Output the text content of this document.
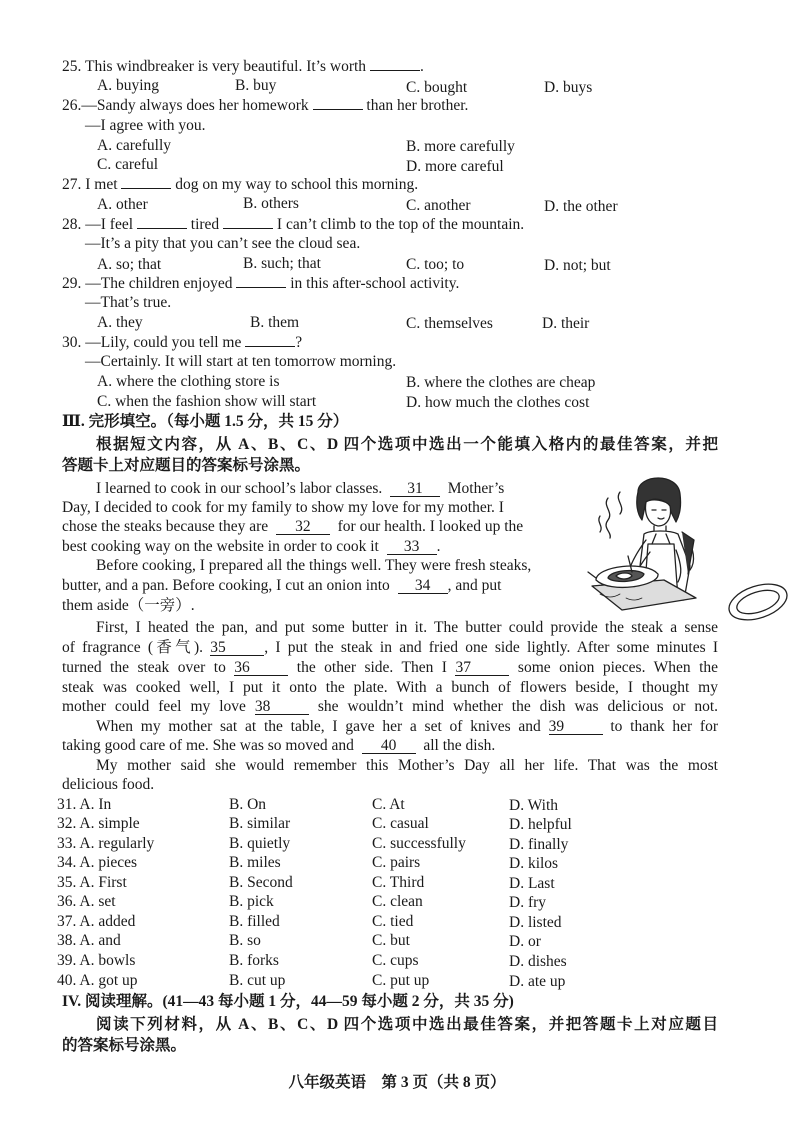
25. This windbreaker is very beautiful. It’s worth	.
A. buying	B. buy	C. bought	D. buys
26.—Sandy always does her homework	than her brother.
—I agree with you.
A. carefully	B. more carefully
C. careful	D. more careful
27. I met	dog on my way to school this morning.
A. other	B. others	C. another	D. the other
28. —I feel	tired	I can’t climb to the top of the mountain.
—It’s a pity that you can’t see the cloud sea.
A. so; that	B. such; that	C. too; to	D. not; but
29. —The children enjoyed	in this after-school activity.
—That’s true.
A. they	B. them	C. themselves	D. their
30. —Lily, could you tell me	?
—Certainly. It will start at ten tomorrow morning.
A. where the clothing store is	B. where the clothes are cheap
C. when the fashion show will start	D. how much the clothes cost
Ⅲ. 完形填空。（每小题 1.5 分，共 15 分）
根据短文内容，从 A、B、C、D 四个选项中选出一个能填入格内的最佳答案，并把
答题卡上对应题目的答案标号涂黑。
I learned to cook in our school’s labor classes. 31 Mother’s
Day, I decided to cook for my family to show my love for my mother. I
chose the steaks because they are 32 for our health. I looked up the
best cooking way on the website in order to cook it 33 .
Before cooking, I prepared all the things well. They were fresh steaks,
butter, and a pan. Before cooking, I cut an onion into 34 , and put
them aside（一旁）.
First, I heated the pan, and put some butter in it. The butter could provide the steak a sense
of fragrance (香气). 35 , I put the steak in and fried one side lightly. After some minutes I
turned the steak over to 36	the other side. Then I 37	some onion pieces. When the
steak was cooked well, I put it onto the plate. With a bunch of flowers beside, I thought my
mother could feel my love 38	she wouldn’t mind whether the dish was delicious or not.
When my mother sat at the table, I gave her a set of knives and 39	to thank her for
taking good care of me. She was so moved and 40 all the dish.
My mother said she would remember this Mother’s Day all her life. That was the most
delicious food.
31. A. In	B. On	C. At	D. With
32. A. simple	B. similar	C. casual	D. helpful
33. A. regularly	B. quietly	C. successfully	D. finally
34. A. pieces	B. miles	C. pairs	D. kilos
35. A. First	B. Second	C. Third	D. Last
36. A. set	B. pick	C. clean	D. fry
37. A. added	B. filled	C. tied	D. listed
38. A. and	B. so	C. but	D. or
39. A. bowls	B. forks	C. cups	D. dishes
40. A. got up	B. cut up	C. put up	D. ate up
IV. 阅读理解。(41—43 每小题 1 分，44—59 每小题 2 分，共 35 分)
阅读下列材料，从 A、B、C、D 四个选项中选出最佳答案，并把答题卡上对应题目
的答案标号涂黑。
八年级英语　第 3 页（共 8 页）
